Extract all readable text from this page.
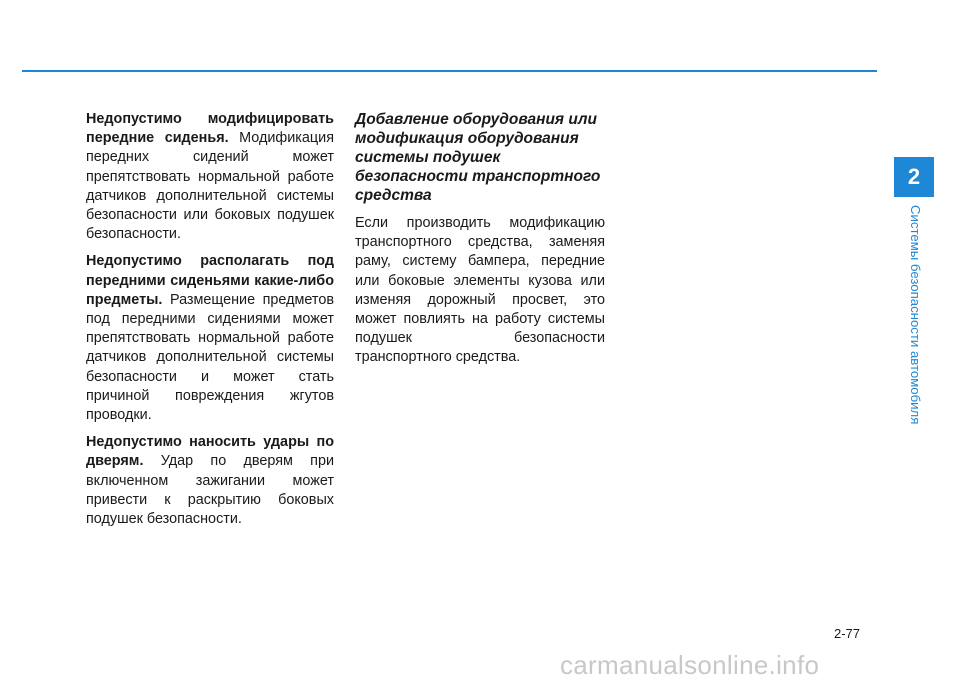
Недопустимо модифицировать передние сиденья. Модификация передних сидений может препятствовать нормальной работе датчиков дополнительной системы безопасности или боковых подушек безопасности.

Недопустимо располагать под передними сиденьями какие-либо предметы. Размещение предметов под передними сидениями может препятствовать нормальной работе датчиков дополнительной системы безопасности и может стать причиной повреждения жгутов проводки.

Недопустимо наносить удары по дверям. Удар по дверям при включенном зажигании может привести к раскрытию боковых подушек безопасности.

Добавление оборудования или модификация оборудования системы подушек безопасности транспортного средства

Если производить модификацию транспортного средства, заменяя раму, систему бампера, передние или боковые элементы кузова или изменяя дорожный просвет, это может повлиять на работу системы подушек безопасности транспортного средства.

2
Системы безопасности автомобиля
2-77
carmanualsonline.info
